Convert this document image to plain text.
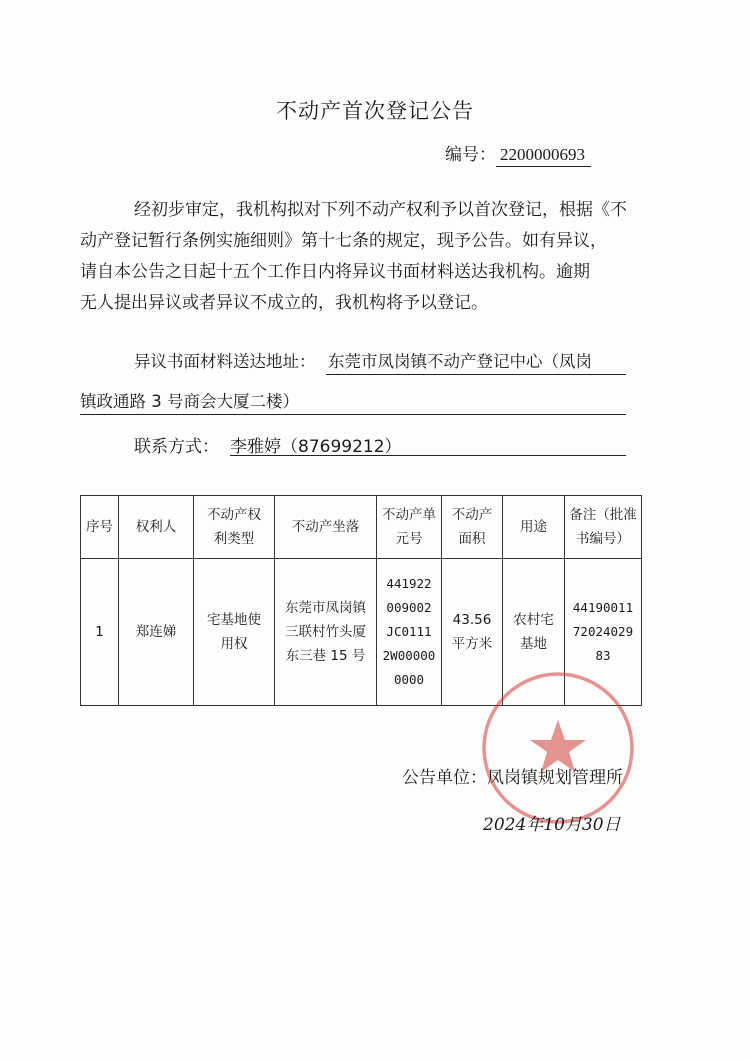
不动产首次登记公告
编号： 2200000693
经初步审定，我机构拟对下列不动产权利予以首次登记，根据《不
动产登记暂行条例实施细则》第十七条的规定，现予公告。如有异议，
请自本公告之日起十五个工作日内将异议书面材料送达我机构。逾期
无人提出异议或者异议不成立的，我机构将予以登记。
异议书面材料送达地址： 东莞市凤岗镇不动产登记中心（凤岗
镇政通路 3 号商会大厦二楼）
联系方式： 李雅婷（87699212）
序号	权利人	不动产权
利类型	不动产坐落	不动产单
元号	不动产
面积	用途	备注（批准
书编号）
1	郑连娣	宅基地使
用权	东莞市凤岗镇
三联村竹头厦
东三巷 15 号	441922
009002
JC0111
2W00000
0000	43.56
平方米	农村宅
基地	44190011
72024029
83
公告单位：凤岗镇规划管理所
2024年10月30日
